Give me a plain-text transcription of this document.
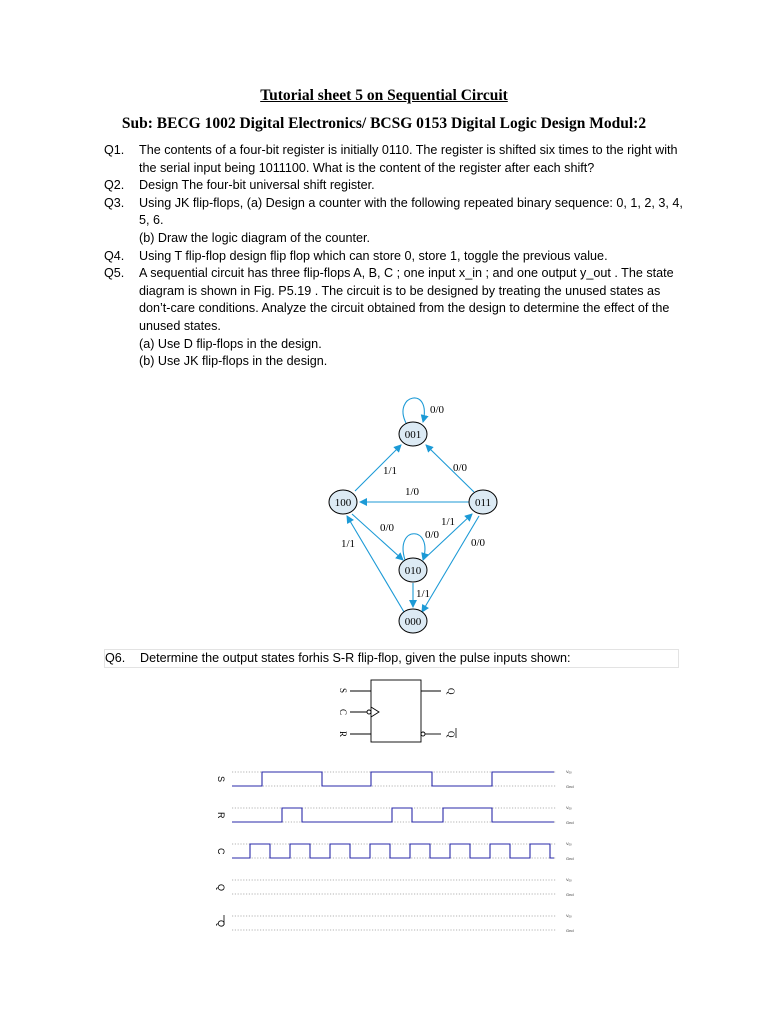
Tutorial sheet 5 on Sequential Circuit
Sub: BECG 1002 Digital Electronics/ BCSG 0153 Digital Logic Design Modul:2
Q1.	The contents of a four-bit register is initially 0110. The register is shifted six times to the right with the serial input being 1011100. What is the content of the register after each shift?
Q2.	Design The four-bit universal shift register.
Q3.	Using JK flip-flops, (a) Design a counter with the following repeated binary sequence: 0, 1, 2, 3, 4, 5, 6.
(b) Draw the logic diagram of the counter.
Q4.	Using T flip-flop design flip flop which can store 0, store 1, toggle the previous value.
Q5.	A sequential circuit has three flip-flops A, B, C ; one input x_in ; and one output y_out . The state diagram is shown in Fig. P5.19 . The circuit is to be designed by treating the unused states as don’t-care conditions. Analyze the circuit obtained from the design to determine the effect of the unused states.
(a) Use D flip-flops in the design.
(b) Use JK flip-flops in the design.
001
100	011
010
000
0/0
1/1	0/0
1/0
0/0	1/1
0/0
1/1	0/0
1/1
Q6.	Determine the output states forhis S-R flip-flop, given the pulse inputs shown:
S
C
R
Q
Q
S
R
C
Q
Q
Vₒₒ
Gnd
Vₒₒ
Gnd
Vₒₒ
Gnd
Vₒₒ
Gnd
Vₒₒ
Gnd
